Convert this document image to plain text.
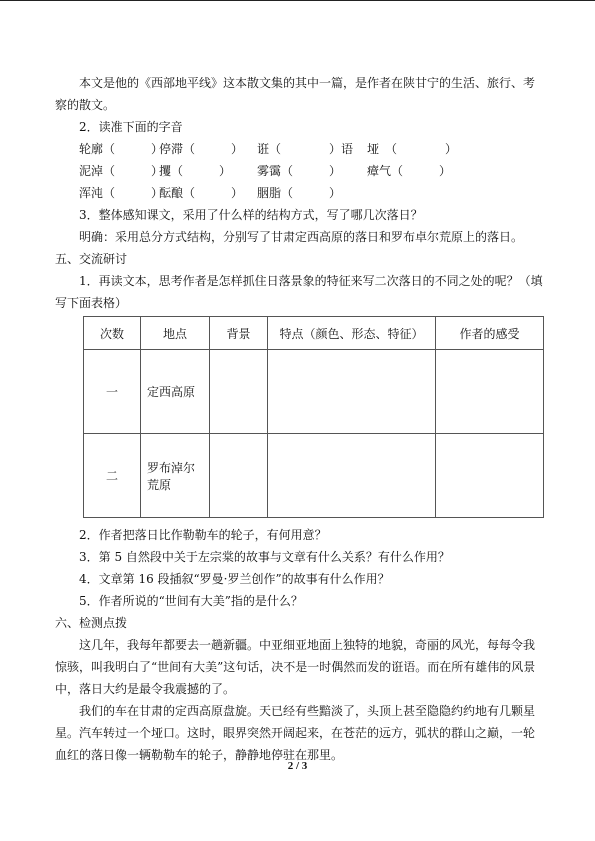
本文是他的《西部地平线》这本散文集的其中一篇，是作者在陕甘宁的生活、旅行、考察的散文。

2．读准下面的字音

轮廓（　　　）
停滞（　　　）	诳（　　　　）语	垭　（　　　　）
泥淖（　　　）
攫（　　　）	雾霭（　　　）	瘴气（　　　）
浑沌（　　　）
酝酿（　　　）	胭脂（　　　）

3．整体感知课文，采用了什么样的结构方式，写了哪几次落日？

明确：采用总分方式结构，分别写了甘肃定西高原的落日和罗布卓尔荒原上的落日。

五、交流研讨

1．再读文本，思考作者是怎样抓住日落景象的特征来写二次落日的不同之处的呢？（填写下面表格）

次数	地点	背景	特点（颜色、形态、特征）	作者的感受
一	定西高原			
二	罗布淖尔荒原			

2．作者把落日比作勒勒车的轮子，有何用意？

3．第 5 自然段中关于左宗棠的故事与文章有什么关系？有什么作用？

4．文章第 16 段插叙“罗曼·罗兰创作”的故事有什么作用？

5．作者所说的“世间有大美”指的是什么？

六、检测点拨

这几年，我每年都要去一趟新疆。中亚细亚地面上独特的地貌，奇丽的风光，每每令我惊骇，叫我明白了“世间有大美”这句话，决不是一时偶然而发的诳语。而在所有雄伟的风景中，落日大约是最令我震撼的了。

我们的车在甘肃的定西高原盘旋。天已经有些黯淡了，头顶上甚至隐隐约约地有几颗星星。汽车转过一个垭口。这时，眼界突然开阔起来，在苍茫的远方，弧状的群山之巅，一轮血红的落日像一辆勒勒车的轮子，静静地停驻在那里。

2 / 3
